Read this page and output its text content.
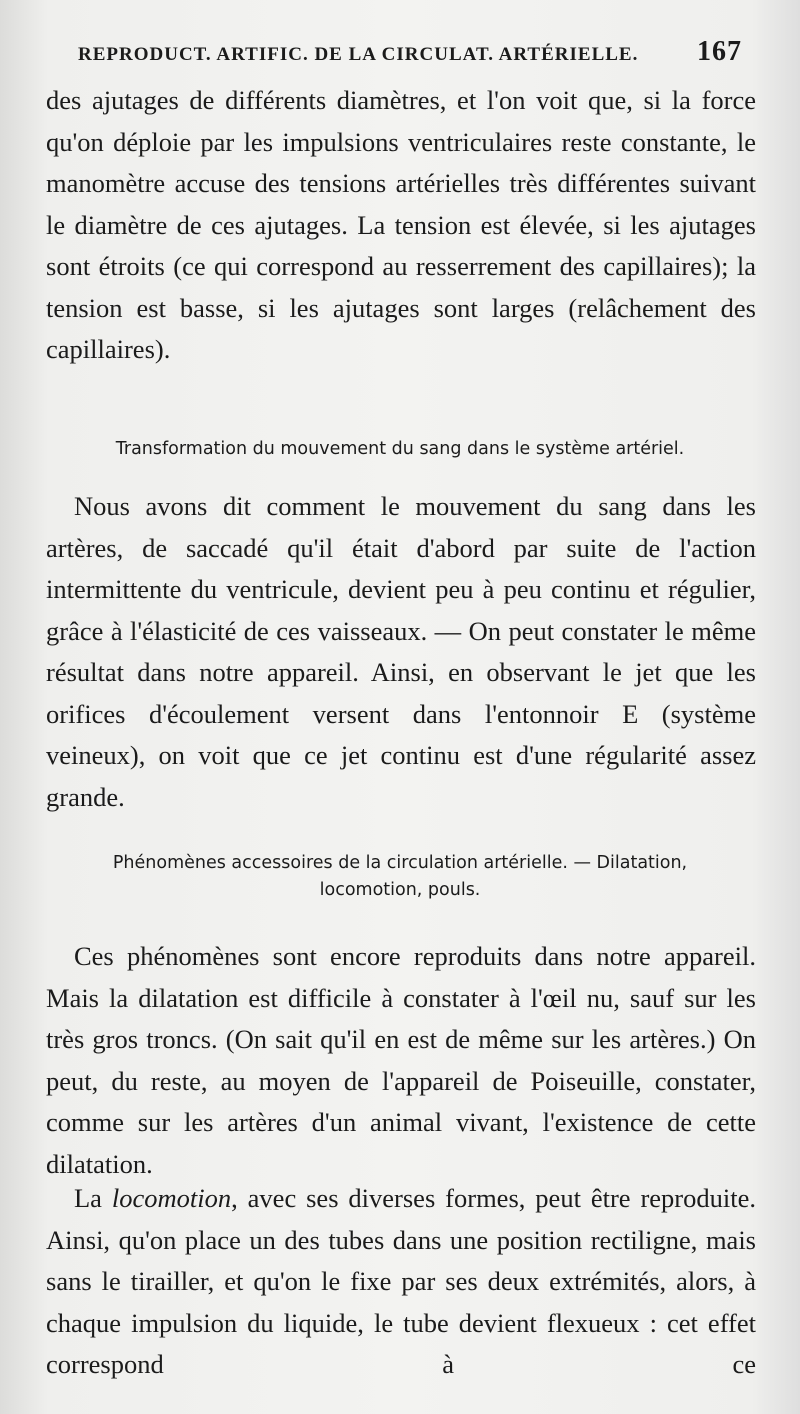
REPRODUCT. ARTIFIC. DE LA CIRCULAT. ARTÉRIELLE. 167
des ajutages de différents diamètres, et l'on voit que, si la force qu'on déploie par les impulsions ventriculaires reste constante, le manomètre accuse des tensions artérielles très différentes suivant le diamètre de ces ajutages. La tension est élevée, si les ajutages sont étroits (ce qui correspond au resserrement des capillaires); la tension est basse, si les ajutages sont larges (relâchement des capillaires).
Transformation du mouvement du sang dans le système artériel.
Nous avons dit comment le mouvement du sang dans les artères, de saccadé qu'il était d'abord par suite de l'action intermittente du ventricule, devient peu à peu continu et régulier, grâce à l'élasticité de ces vaisseaux. — On peut constater le même résultat dans notre appareil. Ainsi, en observant le jet que les orifices d'écoulement versent dans l'entonnoir E (système veineux), on voit que ce jet continu est d'une régularité assez grande.
Phénomènes accessoires de la circulation artérielle. — Dilatation,
locomotion, pouls.
Ces phénomènes sont encore reproduits dans notre appareil. Mais la dilatation est difficile à constater à l'œil nu, sauf sur les très gros troncs. (On sait qu'il en est de même sur les artères.) On peut, du reste, au moyen de l'appareil de Poiseuille, constater, comme sur les artères d'un animal vivant, l'existence de cette dilatation.
La locomotion, avec ses diverses formes, peut être reproduite. Ainsi, qu'on place un des tubes dans une position rectiligne, mais sans le tirailler, et qu'on le fixe par ses deux extrémités, alors, à chaque impulsion du liquide, le tube devient flexueux : cet effet correspond à ce
